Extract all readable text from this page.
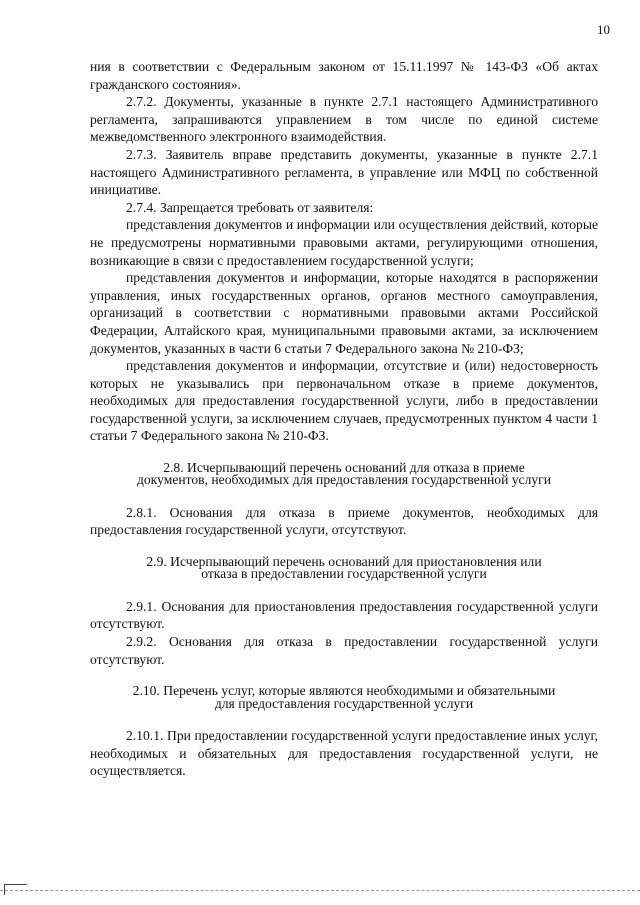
10

ния в соответствии с Федеральным законом от 15.11.1997 № 143-ФЗ «Об актах гражданского состояния».

2.7.2. Документы, указанные в пункте 2.7.1 настоящего Административного регламента, запрашиваются управлением в том числе по единой системе межведомственного электронного взаимодействия.

2.7.3. Заявитель вправе представить документы, указанные в пункте 2.7.1 настоящего Административного регламента, в управление или МФЦ по собственной инициативе.

2.7.4. Запрещается требовать от заявителя:

представления документов и информации или осуществления действий, которые не предусмотрены нормативными правовыми актами, регулирующими отношения, возникающие в связи с предоставлением государственной услуги;

представления документов и информации, которые находятся в распоряжении управления, иных государственных органов, органов местного самоуправления, организаций в соответствии с нормативными правовыми актами Российской Федерации, Алтайского края, муниципальными правовыми актами, за исключением документов, указанных в части 6 статьи 7 Федерального закона № 210-ФЗ;

представления документов и информации, отсутствие и (или) недостоверность которых не указывались при первоначальном отказе в приеме документов, необходимых для предоставления государственной услуги, либо в предоставлении государственной услуги, за исключением случаев, предусмотренных пунктом 4 части 1 статьи 7 Федерального закона № 210-ФЗ.

2.8. Исчерпывающий перечень оснований для отказа в приеме документов, необходимых для предоставления государственной услуги

2.8.1. Основания для отказа в приеме документов, необходимых для предоставления государственной услуги, отсутствуют.

2.9. Исчерпывающий перечень оснований для приостановления или отказа в предоставлении государственной услуги

2.9.1. Основания для приостановления предоставления государственной услуги отсутствуют.

2.9.2. Основания для отказа в предоставлении государственной услуги отсутствуют.

2.10. Перечень услуг, которые являются необходимыми и обязательными для предоставления государственной услуги

2.10.1. При предоставлении государственной услуги предоставление иных услуг, необходимых и обязательных для предоставления государственной услуги, не осуществляется.
